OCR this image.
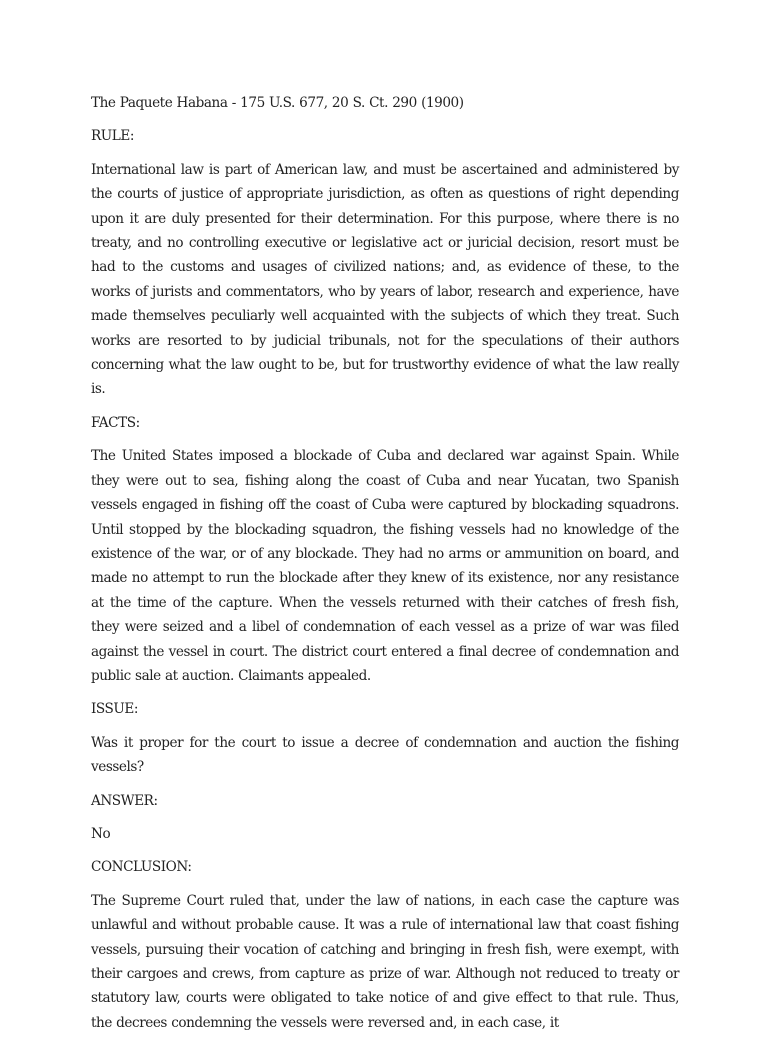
The Paquete Habana - 175 U.S. 677, 20 S. Ct. 290 (1900)

RULE:

International law is part of American law, and must be ascertained and administered by the courts of justice of appropriate jurisdiction, as often as questions of right depending upon it are duly presented for their determination. For this purpose, where there is no treaty, and no controlling executive or legislative act or juricial decision, resort must be had to the customs and usages of civilized nations; and, as evidence of these, to the works of jurists and commentators, who by years of labor, research and experience, have made themselves peculiarly well acquainted with the subjects of which they treat. Such works are resorted to by judicial tribunals, not for the speculations of their authors concerning what the law ought to be, but for trustworthy evidence of what the law really is.

FACTS:

The United States imposed a blockade of Cuba and declared war against Spain. While they were out to sea, fishing along the coast of Cuba and near Yucatan, two Spanish vessels engaged in fishing off the coast of Cuba were captured by blockading squadrons. Until stopped by the blockading squadron, the fishing vessels had no knowledge of the existence of the war, or of any blockade. They had no arms or ammunition on board, and made no attempt to run the blockade after they knew of its existence, nor any resistance at the time of the capture. When the vessels returned with their catches of fresh fish, they were seized and a libel of condemnation of each vessel as a prize of war was filed against the vessel in court. The district court entered a final decree of condemnation and public sale at auction. Claimants appealed.

ISSUE:

Was it proper for the court to issue a decree of condemnation and auction the fishing vessels?

ANSWER:

No

CONCLUSION:

The Supreme Court ruled that, under the law of nations, in each case the capture was unlawful and without probable cause. It was a rule of international law that coast fishing vessels, pursuing their vocation of catching and bringing in fresh fish, were exempt, with their cargoes and crews, from capture as prize of war. Although not reduced to treaty or statutory law, courts were obligated to take notice of and give effect to that rule. Thus, the decrees condemning the vessels were reversed and, in each case, it
